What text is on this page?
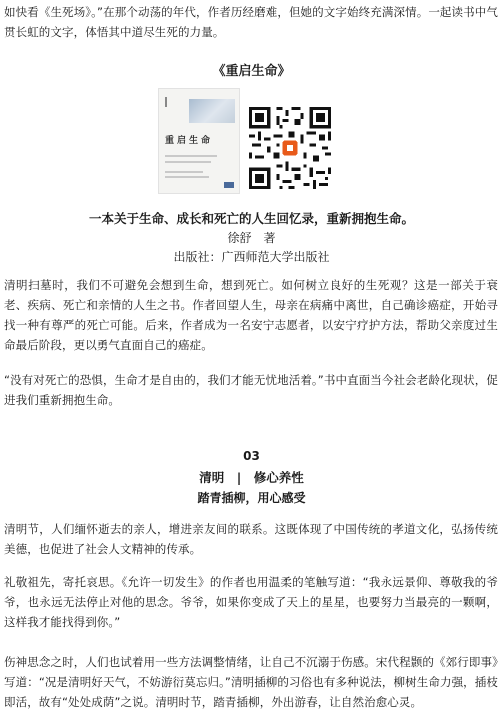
如快看《生死场》。”在那个动荡的年代，作者历经磨难，但她的文字始终充满深情。一起读书中气贯长虹的文字，体悟其中道尽生死的力量。
《重启生命》
重启生命
一本关于生命、成长和死亡的人生回忆录，重新拥抱生命。
徐舒　著
出版社：广西师范大学出版社
清明扫墓时，我们不可避免会想到生命，想到死亡。如何树立良好的生死观？这是一部关于衰老、疾病、死亡和亲情的人生之书。作者回望人生，母亲在病痛中离世，自己确诊癌症，开始寻找一种有尊严的死亡可能。后来，作者成为一名安宁志愿者，以安宁疗护方法，帮助父亲度过生命最后阶段，更以勇气直面自己的癌症。
“没有对死亡的恐惧，生命才是自由的，我们才能无忧地活着。”书中直面当今社会老龄化现状，促进我们重新拥抱生命。
03
清明　|　修心养性
踏青插柳，用心感受
清明节，人们缅怀逝去的亲人，增进亲友间的联系。这既体现了中国传统的孝道文化，弘扬传统美德，也促进了社会人文精神的传承。
礼敬祖先，寄托哀思。《允许一切发生》的作者也用温柔的笔触写道：“我永远景仰、尊敬我的爷爷，也永远无法停止对他的思念。爷爷，如果你变成了天上的星星，也要努力当最亮的一颗啊，这样我才能找得到你。”
伤神思念之时，人们也试着用一些方法调整情绪，让自己不沉溺于伤感。宋代程颢的《郊行即事》写道：“况是清明好天气，不妨游衍莫忘归。”清明插柳的习俗也有多种说法，柳树生命力强，插枝即活，故有“处处成荫”之说。清明时节，踏青插柳，外出游春，让自然治愈心灵。
